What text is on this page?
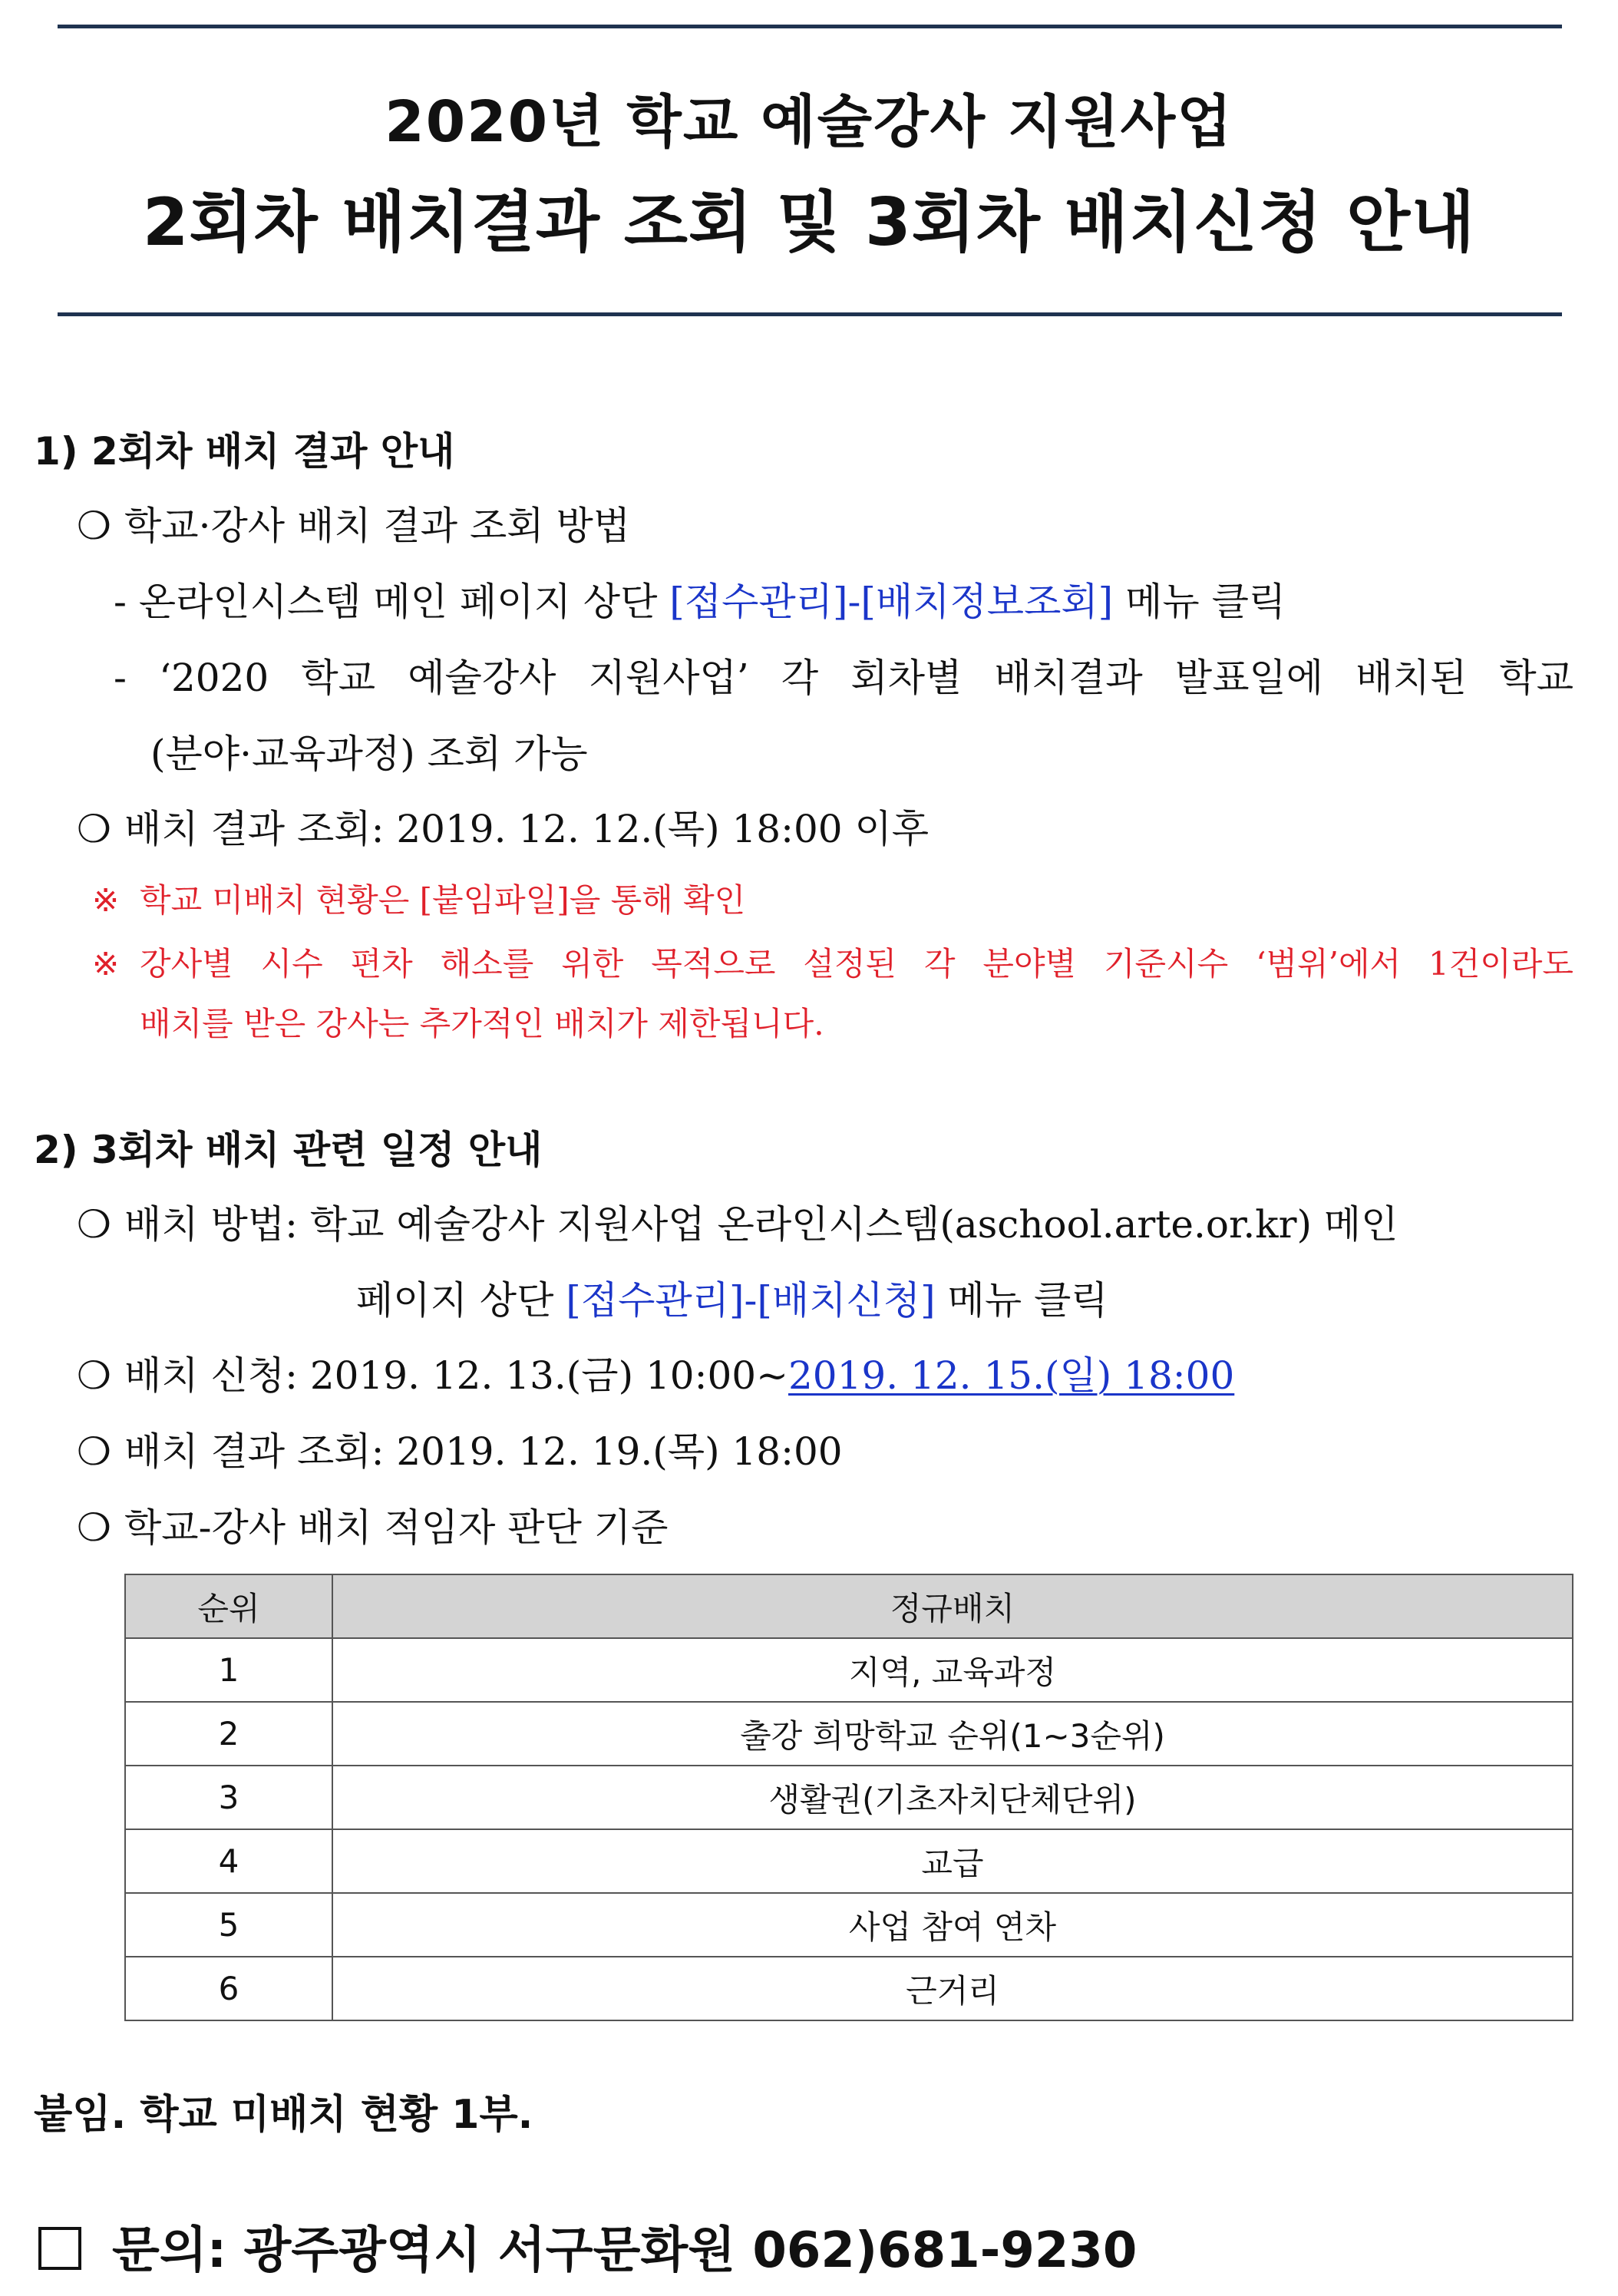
2020년 학교 예술강사 지원사업
2회차 배치결과 조회 및 3회차 배치신청 안내
1) 2회차 배치 결과 안내
❍ 학교·강사 배치 결과 조회 방법
- 온라인시스템 메인 페이지 상단 [접수관리]-[배치정보조회] 메뉴 클릭
- ‘2020 학교 예술강사 지원사업’ 각 회차별 배치결과 발표일에 배치된 학교
(분야·교육과정) 조회 가능
❍ 배치 결과 조회: 2019. 12. 12.(목) 18:00 이후
※ 학교 미배치 현황은 [붙임파일]을 통해 확인
※ 강사별 시수 편차 해소를 위한 목적으로 설정된 각 분야별 기준시수 ‘범위’에서 1건이라도
배치를 받은 강사는 추가적인 배치가 제한됩니다.
2) 3회차 배치 관련 일정 안내
❍ 배치 방법: 학교 예술강사 지원사업 온라인시스템(aschool.arte.or.kr) 메인
페이지 상단 [접수관리]-[배치신청] 메뉴 클릭
❍ 배치 신청: 2019. 12. 13.(금) 10:00~2019. 12. 15.(일) 18:00
❍ 배치 결과 조회: 2019. 12. 19.(목) 18:00
❍ 학교-강사 배치 적임자 판단 기준
순위	정규배치
1	지역, 교육과정
2	출강 희망학교 순위(1~3순위)
3	생활권(기초자치단체단위)
4	교급
5	사업 참여 연차
6	근거리
붙임. 학교 미배치 현황 1부.
문의: 광주광역시 서구문화원 062)681-9230
